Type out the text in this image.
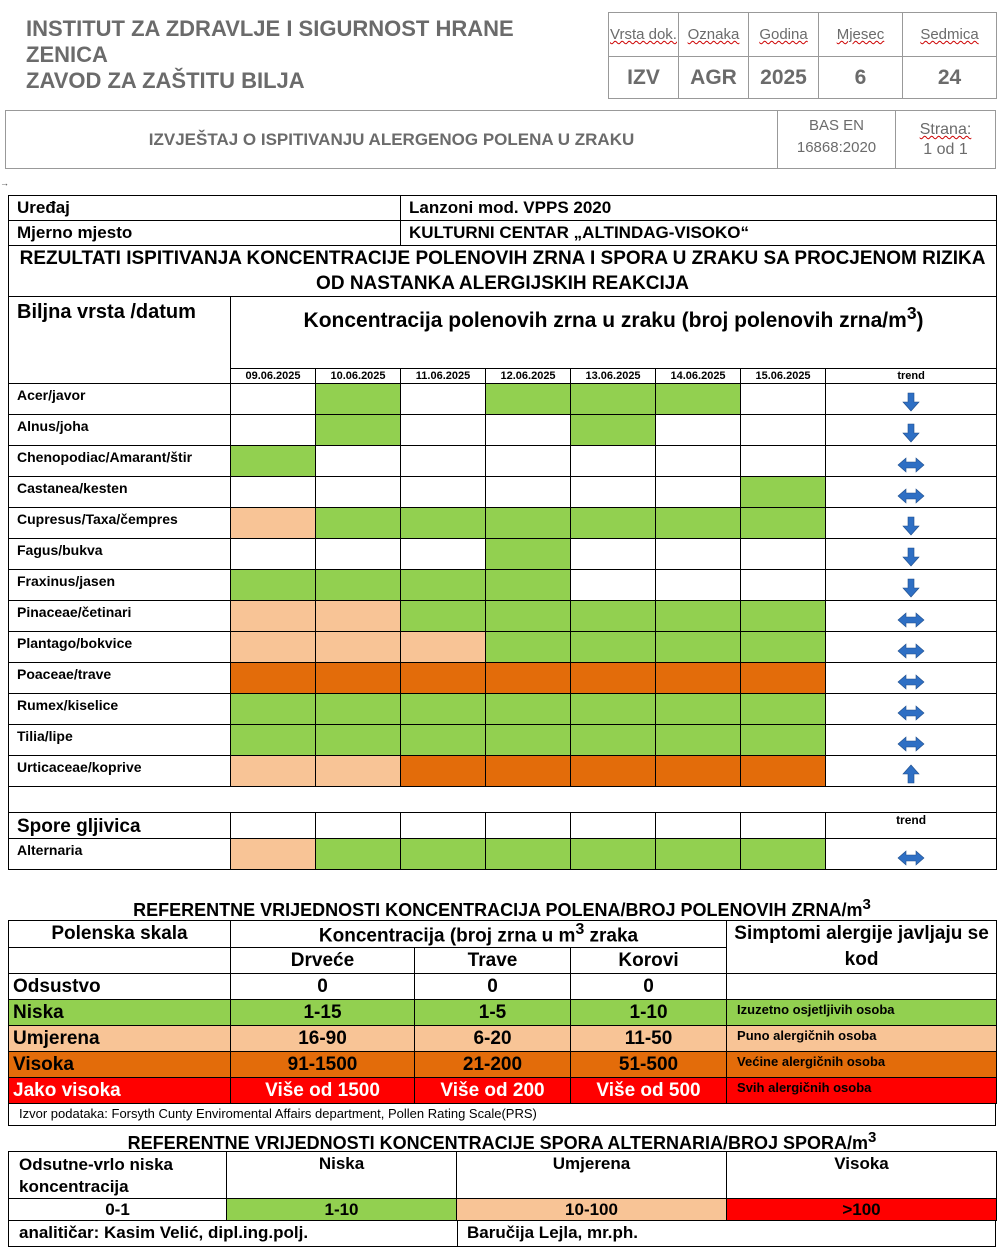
INSTITUT ZA ZDRAVLJE I SIGURNOST HRANE
ZENICA
ZAVOD ZA ZAŠTITU BILJA
Vrsta dok.	Oznaka	Godina	Mjesec	Sedmica
IZV	AGR	2025	6	24
IZVJEŠTAJ O ISPITIVANJU ALERGENOG POLENA U ZRAKU
BAS EN
16868:2020
Strana:
1 od 1
→
Uređaj			Lanzoni mod. VPPS 2020					
Mjerno mjesto			KULTURNI CENTAR „ALTINDAG-VISOKO“					
REZULTATI ISPITIVANJA KONCENTRACIJE POLENOVIH ZRNA I SPORA U ZRAKU SA PROCJENOM RIZIKA OD NASTANKA ALERGIJSKIH REAKCIJA								
Biljna vrsta /datum	Koncentracija polenovih zrna u zraku (broj polenovih zrna/$m^3$)							
	09.06.2025	10.06.2025	11.06.2025	12.06.2025	13.06.2025	14.06.2025	15.06.2025	trend
Acer/javor								

Alnus/joha								

Chenopodiac/Amarant/štir								

Castanea/kesten								

Cupresus/Taxa/čempres								

Fagus/bukva								

Fraxinus/jasen								

Pinaceae/četinari								

Plantago/bokvice								

Poaceae/trave								

Rumex/kiselice								

Tilia/lipe								

Urticaceae/koprive								

Spore gljivica								trend
Alternaria								
REFERENTNE VRIJEDNOSTI KONCENTRACIJA POLENA/BROJ POLENOVIH ZRNA/$m^3$
Polenska skala	Koncentracija (broj zrna u $m^3$ zraka			Simptomi alergije javljaju se kod
	Drveće	Trave	Korovi	
Odsustvo	0	0	0	
Niska	1-15	1-5	1-10	Izuzetno osjetljivih osoba
Umjerena	16-90	6-20	11-50	Puno alergičnih osoba
Visoka	91-1500	21-200	51-500	Većine alergičnih osoba
Jako visoka	Više od 1500	Više od 200	Više od 500	Svih alergičnih osoba
Izvor podataka: Forsyth Cunty Enviromental Affairs department, Pollen Rating Scale(PRS)
REFERENTNE VRIJEDNOSTI KONCENTRACIJE SPORA ALTERNARIA/BROJ SPORA/$m^3$
Odsutne-vrlo niska koncentracija	Niska	Umjerena	Visoka
0-1	1-10	10-100	>100
analitičar: Kasim Velić, dipl.ing.polj.	Baručija Lejla, mr.ph.
